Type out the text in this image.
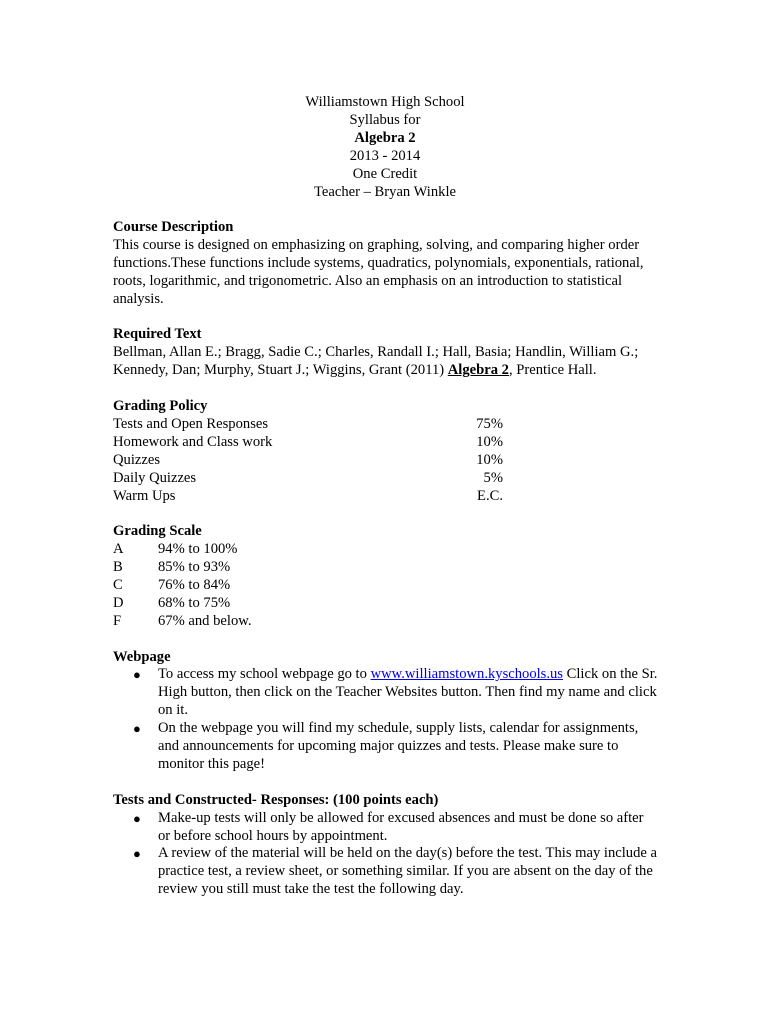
Williamstown High School
Syllabus for
Algebra 2
2013 - 2014
One Credit
Teacher – Bryan Winkle
Course Description

This course is designed on emphasizing on graphing, solving, and comparing higher order functions.These functions include systems, quadratics, polynomials, exponentials, rational, roots, logarithmic, and trigonometric. Also an emphasis on an introduction to statistical analysis.

Required Text

Bellman, Allan E.; Bragg, Sadie C.; Charles, Randall I.; Hall, Basia; Handlin, William G.; Kennedy, Dan; Murphy, Stuart J.; Wiggins, Grant (2011) Algebra 2, Prentice Hall.

Grading Policy
Tests and Open Responses	75%
Homework and Class work	10%
Quizzes	10%
Daily Quizzes	5%
Warm Ups	E.C.
Grading Scale
A 94% to 100%
B 85% to 93%
C 76% to 84%
D 68% to 75%
F	67% and below.
Webpage
● To access my school webpage go to www.williamstown.kyschools.us Click on the Sr. High button, then click on the Teacher Websites button. Then find my name and click on it.
● On the webpage you will find my schedule, supply lists, calendar for assignments, and announcements for upcoming major quizzes and tests. Please make sure to monitor this page!
Tests and Constructed- Responses: (100 points each)
● Make-up tests will only be allowed for excused absences and must be done so after or before school hours by appointment.
● A review of the material will be held on the day(s) before the test. This may include a practice test, a review sheet, or something similar. If you are absent on the day of the review you still must take the test the following day.
